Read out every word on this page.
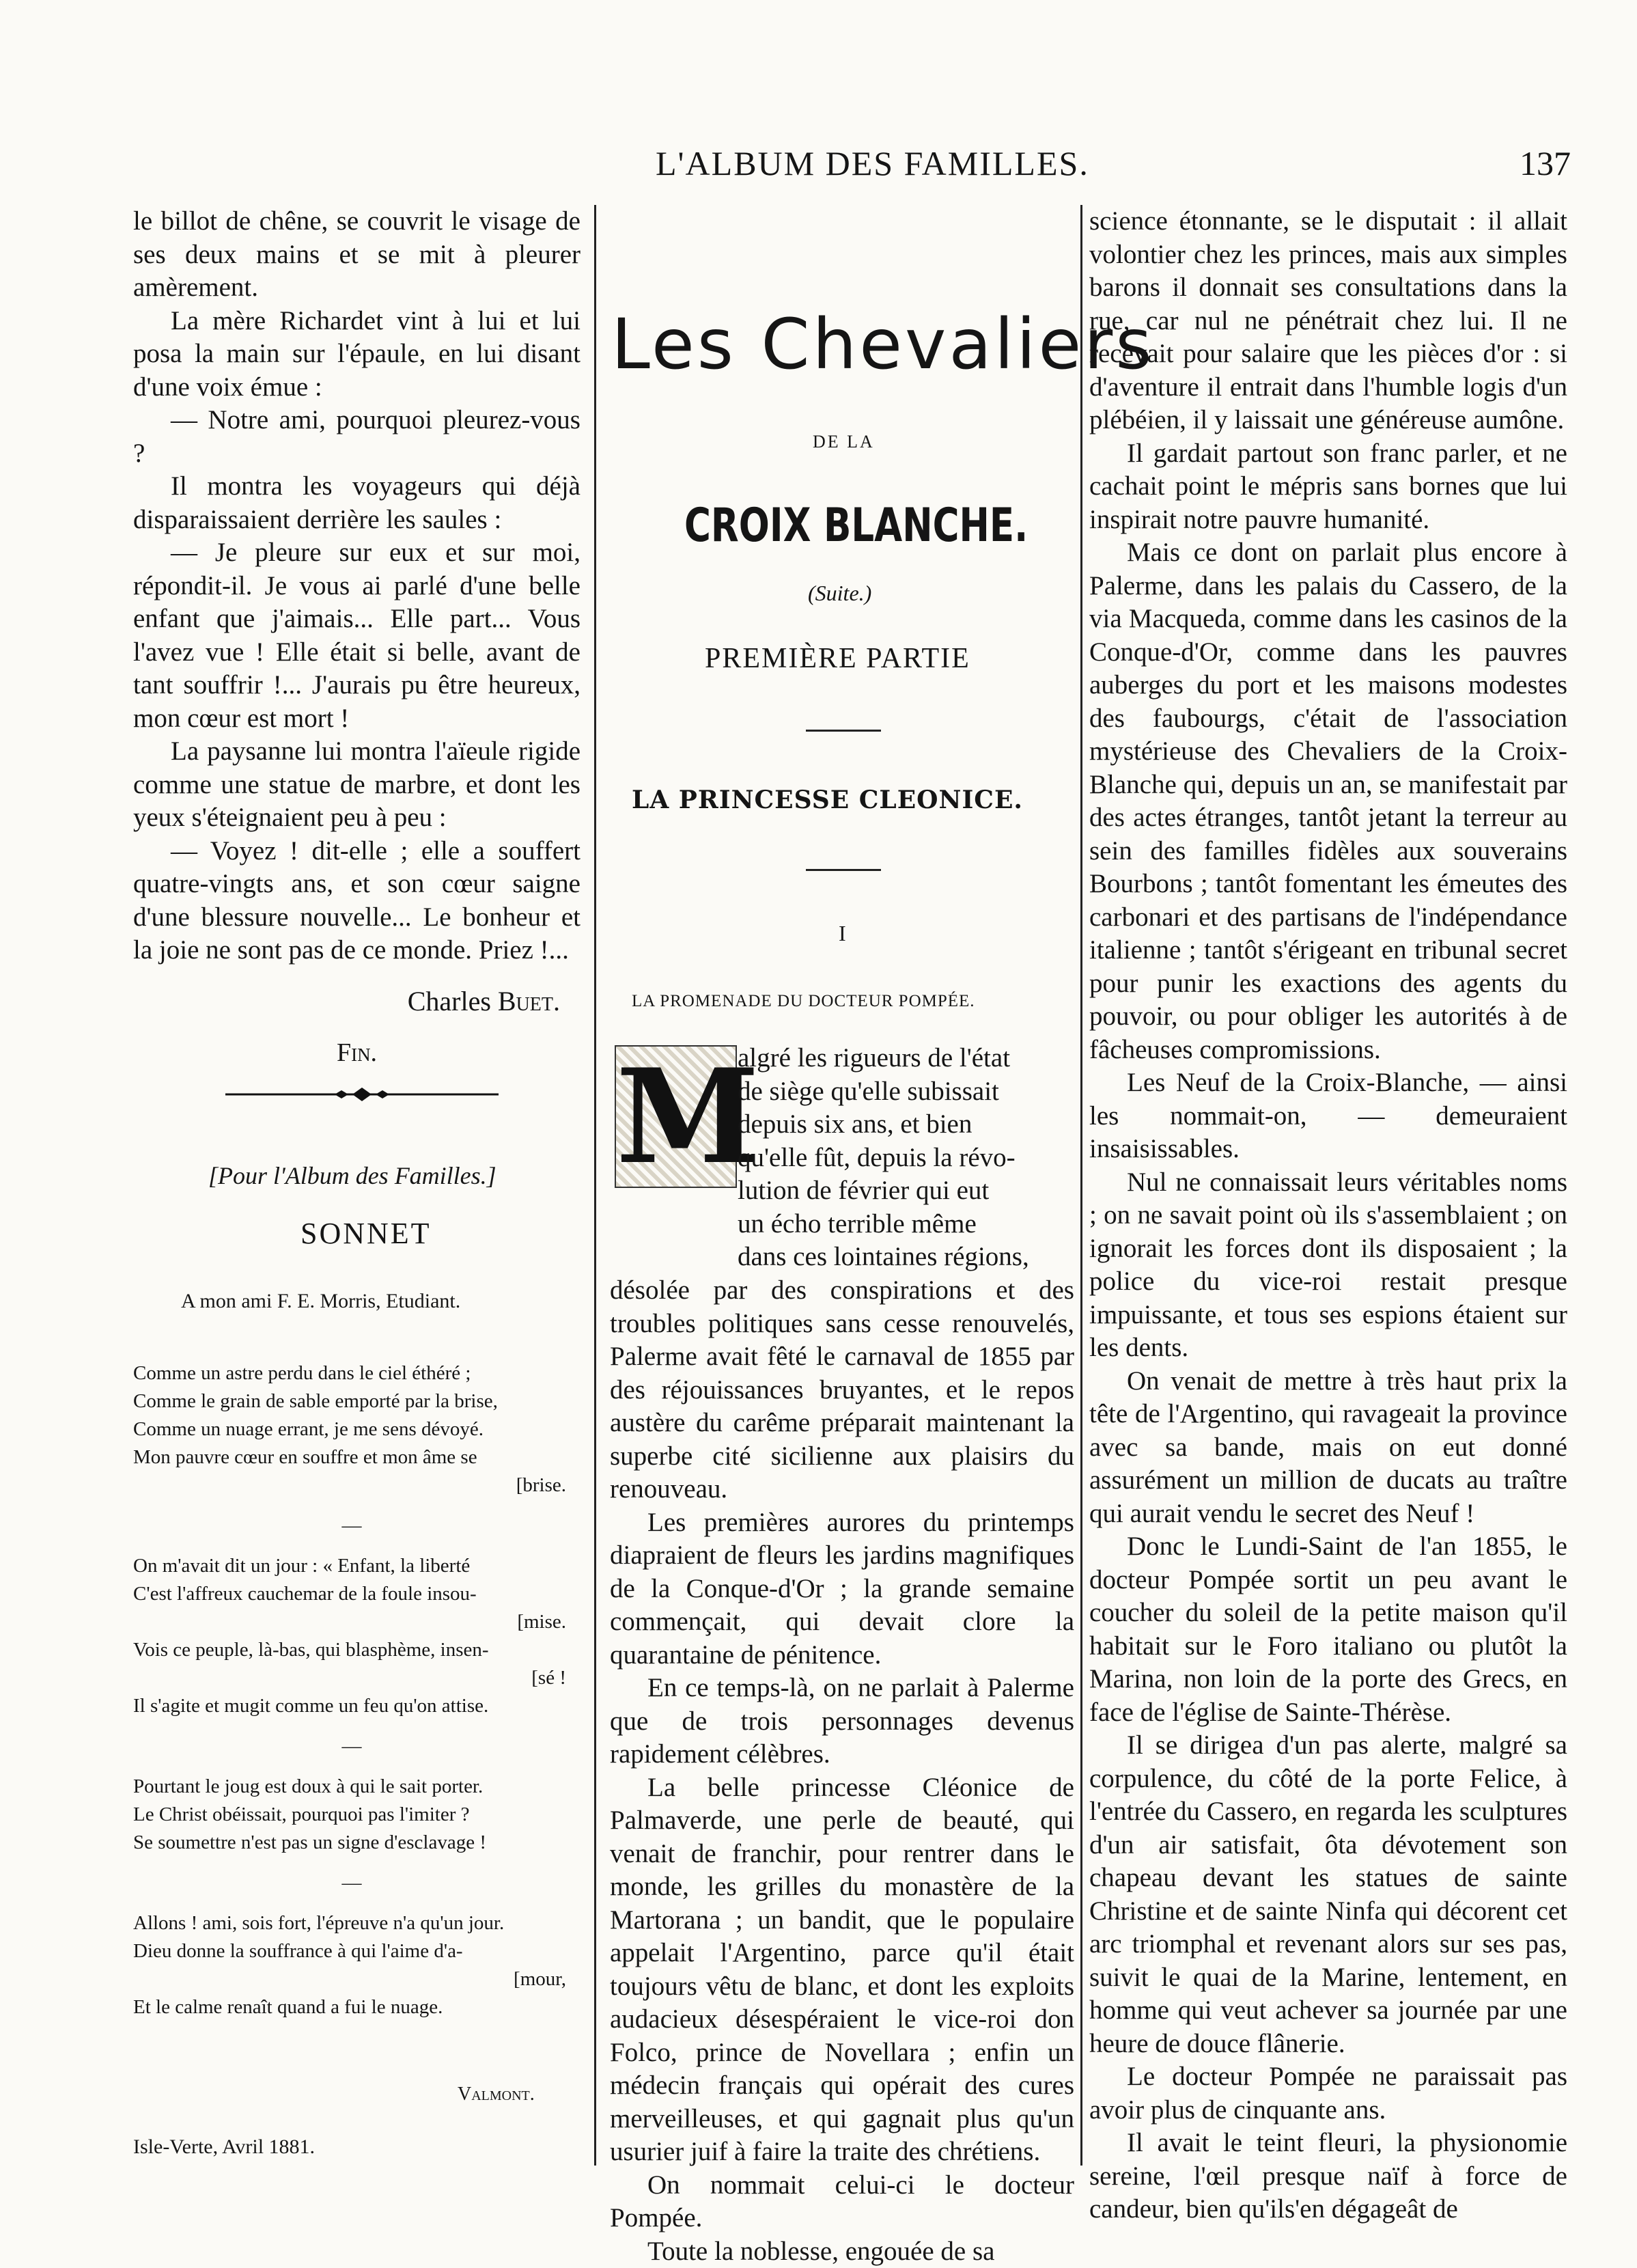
L'ALBUM DES FAMILLES.	137

le billot de chêne, se couvrit le visage de ses deux mains et se mit à pleurer amèrement.

La mère Richardet vint à lui et lui posa la main sur l'épaule, en lui disant d'une voix émue :

— Notre ami, pourquoi pleurez-vous ?

Il montra les voyageurs qui déjà disparaissaient derrière les saules :

— Je pleure sur eux et sur moi, répondit-il. Je vous ai parlé d'une belle enfant que j'aimais... Elle part... Vous l'avez vue ! Elle était si belle, avant de tant souffrir !... J'aurais pu être heureux, mon cœur est mort !

La paysanne lui montra l'aïeule rigide comme une statue de marbre, et dont les yeux s'éteignaient peu à peu :

— Voyez ! dit-elle ; elle a souffert quatre-vingts ans, et son cœur saigne d'une blessure nouvelle... Le bonheur et la joie ne sont pas de ce monde. Priez !...

Charles Buet.
Fin.
[Pour l'Album des Familles.]
SONNET
A mon ami F. E. Morris, Etudiant.
Comme un astre perdu dans le ciel éthéré ;
Comme le grain de sable emporté par la brise,
Comme un nuage errant, je me sens dévoyé.
Mon pauvre cœur en souffre et mon âme se
[brise.
—
On m'avait dit un jour : « Enfant, la liberté
C'est l'affreux cauchemar de la foule insou-
[mise.
Vois ce peuple, là-bas, qui blasphème, insen-
[sé !
Il s'agite et mugit comme un feu qu'on attise.
—
Pourtant le joug est doux à qui le sait porter.
Le Christ obéissait, pourquoi pas l'imiter ?
Se soumettre n'est pas un signe d'esclavage !
—
Allons ! ami, sois fort, l'épreuve n'a qu'un jour.
Dieu donne la souffrance à qui l'aime d'a-
[mour,
Et le calme renaît quand a fui le nuage.
Valmont.
Isle-Verte, Avril 1881.
Les Chevaliers
DE LA
CROIX BLANCHE.
(Suite.)
PREMIÈRE PARTIE
LA PRINCESSE CLEONICE.
I
LA PROMENADE DU DOCTEUR POMPÉE.
M
algré les rigueurs de l'état
de siège qu'elle subissait
depuis six ans, et bien
qu'elle fût, depuis la révo-
lution de février qui eut
un écho terrible même
dans ces lointaines régions,

désolée par des conspirations et des troubles politiques sans cesse renouvelés, Palerme avait fêté le carnaval de 1855 par des réjouissances bruyantes, et le repos austère du carême préparait maintenant la superbe cité sicilienne aux plaisirs du renouveau.

Les premières aurores du printemps diapraient de fleurs les jardins magnifiques de la Conque-d'Or ; la grande semaine commençait, qui devait clore la quarantaine de pénitence.

En ce temps-là, on ne parlait à Palerme que de trois personnages devenus rapidement célèbres.

La belle princesse Cléonice de Palmaverde, une perle de beauté, qui venait de franchir, pour rentrer dans le monde, les grilles du monastère de la Martorana ; un bandit, que le populaire appelait l'Argentino, parce qu'il était toujours vêtu de blanc, et dont les exploits audacieux désespéraient le vice-roi don Folco, prince de Novellara ; enfin un médecin français qui opérait des cures merveilleuses, et qui gagnait plus qu'un usurier juif à faire la traite des chrétiens.

On nommait celui-ci le docteur Pompée.

Toute la noblesse, engouée de sa

science étonnante, se le disputait : il allait volontier chez les princes, mais aux simples barons il donnait ses consultations dans la rue, car nul ne pénétrait chez lui. Il ne recevait pour salaire que les pièces d'or : si d'aventure il entrait dans l'humble logis d'un plébéien, il y laissait une généreuse aumône.

Il gardait partout son franc parler, et ne cachait point le mépris sans bornes que lui inspirait notre pauvre humanité.

Mais ce dont on parlait plus encore à Palerme, dans les palais du Cassero, de la via Macqueda, comme dans les casinos de la Conque-d'Or, comme dans les pauvres auberges du port et les maisons modestes des faubourgs, c'était de l'association mystérieuse des Chevaliers de la Croix-Blanche qui, depuis un an, se manifestait par des actes étranges, tantôt jetant la terreur au sein des familles fidèles aux souverains Bourbons ; tantôt fomentant les émeutes des carbonari et des partisans de l'indépendance italienne ; tantôt s'érigeant en tribunal secret pour punir les exactions des agents du pouvoir, ou pour obliger les autorités à de fâcheuses compromissions.

Les Neuf de la Croix-Blanche, — ainsi les nommait-on, — demeuraient insaisissables.

Nul ne connaissait leurs véritables noms ; on ne savait point où ils s'assemblaient ; on ignorait les forces dont ils disposaient ; la police du vice-roi restait presque impuissante, et tous ses espions étaient sur les dents.

On venait de mettre à très haut prix la tête de l'Argentino, qui ravageait la province avec sa bande, mais on eut donné assurément un million de ducats au traître qui aurait vendu le secret des Neuf !

Donc le Lundi-Saint de l'an 1855, le docteur Pompée sortit un peu avant le coucher du soleil de la petite maison qu'il habitait sur le Foro italiano ou plutôt la Marina, non loin de la porte des Grecs, en face de l'église de Sainte-Thérèse.

Il se dirigea d'un pas alerte, malgré sa corpulence, du côté de la porte Felice, à l'entrée du Cassero, en regarda les sculptures d'un air satisfait, ôta dévotement son chapeau devant les statues de sainte Christine et de sainte Ninfa qui décorent cet arc triomphal et revenant alors sur ses pas, suivit le quai de la Marine, lentement, en homme qui veut achever sa journée par une heure de douce flânerie.

Le docteur Pompée ne paraissait pas avoir plus de cinquante ans.

Il avait le teint fleuri, la physionomie sereine, l'œil presque naïf à force de candeur, bien qu'ils'en dégageât de
